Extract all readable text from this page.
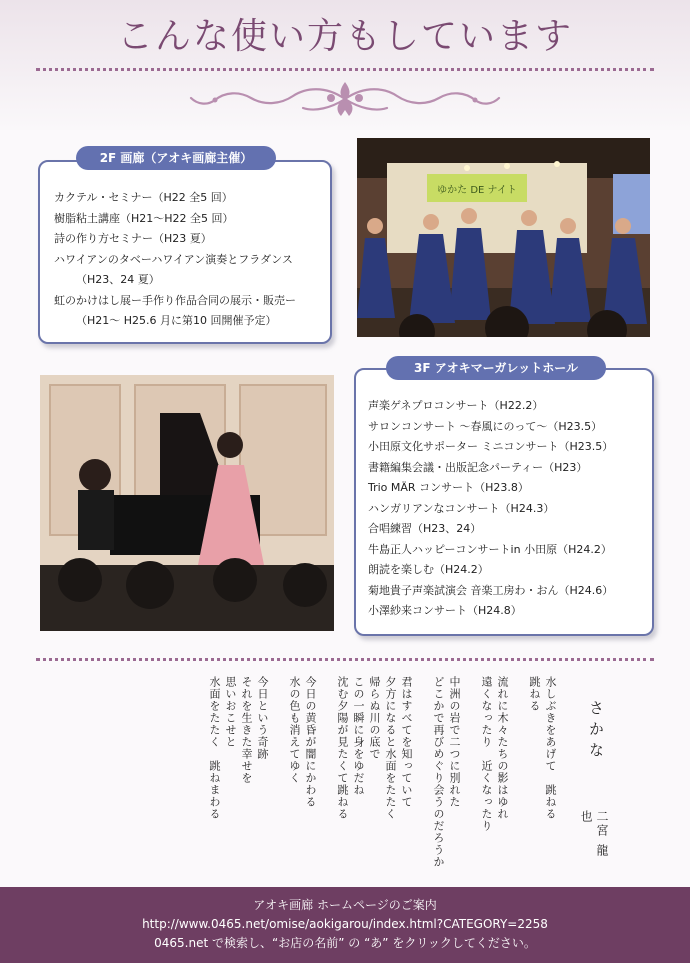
こんな使い方もしています
2F 画廊（アオキ画廊主催）
カクテル・セミナー（H22 全5 回）
樹脂粘土講座（H21〜H22 全5 回）
詩の作り方セミナー（H23 夏）
ハワイアンのタベーハワイアン演奏とフラダンス
（H23、24 夏）
虹のかけはし展ー手作り作品合同の展示・販売ー
（H21〜 H25.6 月に第10 回開催予定）
ゆかた DE ナイト
3F アオキマーガレットホール
声楽ゲネプロコンサート（H22.2）
サロンコンサート 〜春風にのって〜（H23.5）
小田原文化サポーター ミニコンサート（H23.5）
書籍編集会議・出版記念パーティー（H23）
Trio MÄR コンサート（H23.8）
ハンガリアンなコンサート（H24.3）
合唱練習（H23、24）
牛島正人ハッピーコンサートin 小田原（H24.2）
朗読を楽しむ（H24.2）
菊地貴子声楽試演会 音楽工房わ・おん（H24.6）
小澤紗来コンサート（H24.8）
さかな
二宮 龍也
水しぶきをあげて　跳ねる
跳ねる
流れに木々たちの影はゆれ
遠くなったり　近くなったり
中洲の岩で二つに別れた
どこかで再びめぐり会うのだろうか
君はすべてを知っていて
夕方になると水面をたたく
帰らぬ川の底で
この一瞬に身をゆだね
沈む夕陽が見たくて跳ねる
今日の黄昏が闇にかわる
水の色も消えてゆく
今日という奇跡
それを生きた幸せを
思いおこせと
水面をたたく　跳ねまわる
アオキ画廊 ホームページのご案内
http://www.0465.net/omise/aokigarou/index.html?CATEGORY=2258
0465.net で検索し、“お店の名前” の “あ” をクリックしてください。
